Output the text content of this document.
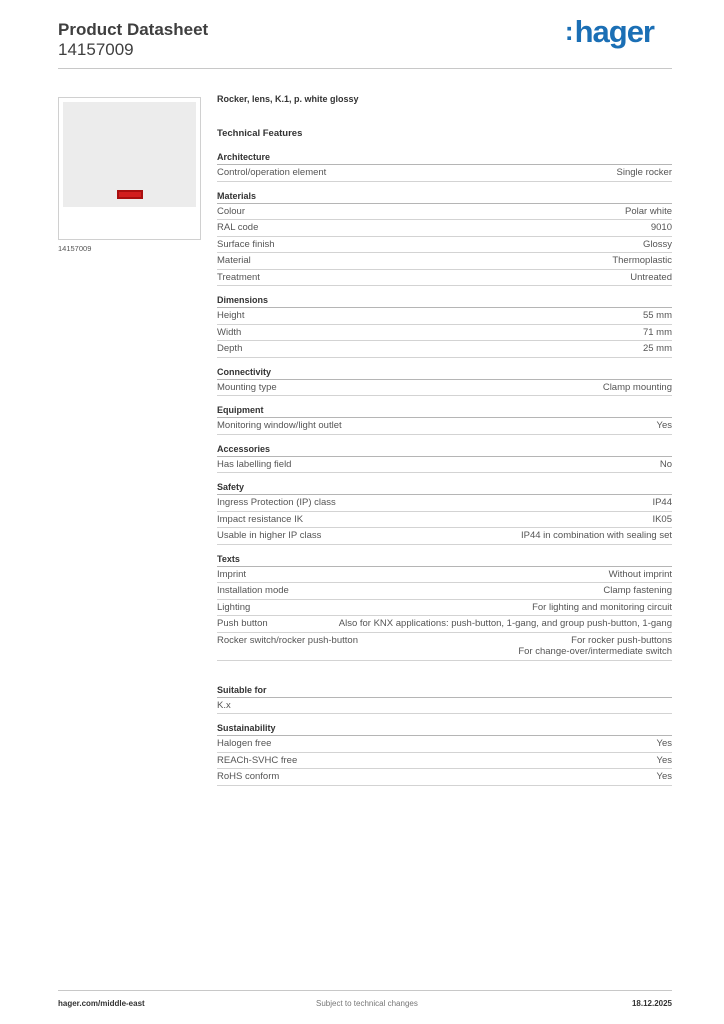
Product Datasheet
14157009
:hager
14157009
Rocker, lens, K.1, p. white glossy
Technical Features
Architecture
Control/operation element	Single rocker
Materials
Colour	Polar white
RAL code	9010
Surface finish	Glossy
Material	Thermoplastic
Treatment	Untreated
Dimensions
Height	55 mm
Width	71 mm
Depth	25 mm
Connectivity
Mounting type	Clamp mounting
Equipment
Monitoring window/light outlet	Yes
Accessories
Has labelling field	No
Safety
Ingress Protection (IP) class	IP44
Impact resistance IK	IK05
Usable in higher IP class	IP44 in combination with sealing set
Texts
Imprint	Without imprint
Installation mode	Clamp fastening
Lighting	For lighting and monitoring circuit
Push button	Also for KNX applications: push-button, 1-gang, and group push-button, 1-gang
Rocker switch/rocker push-button	For rocker push-buttons
For change-over/intermediate switch
Suitable for
K.x
Sustainability
Halogen free	Yes
REACh-SVHC free	Yes
RoHS conform	Yes
hager.com/middle-east	Subject to technical changes	18.12.2025
